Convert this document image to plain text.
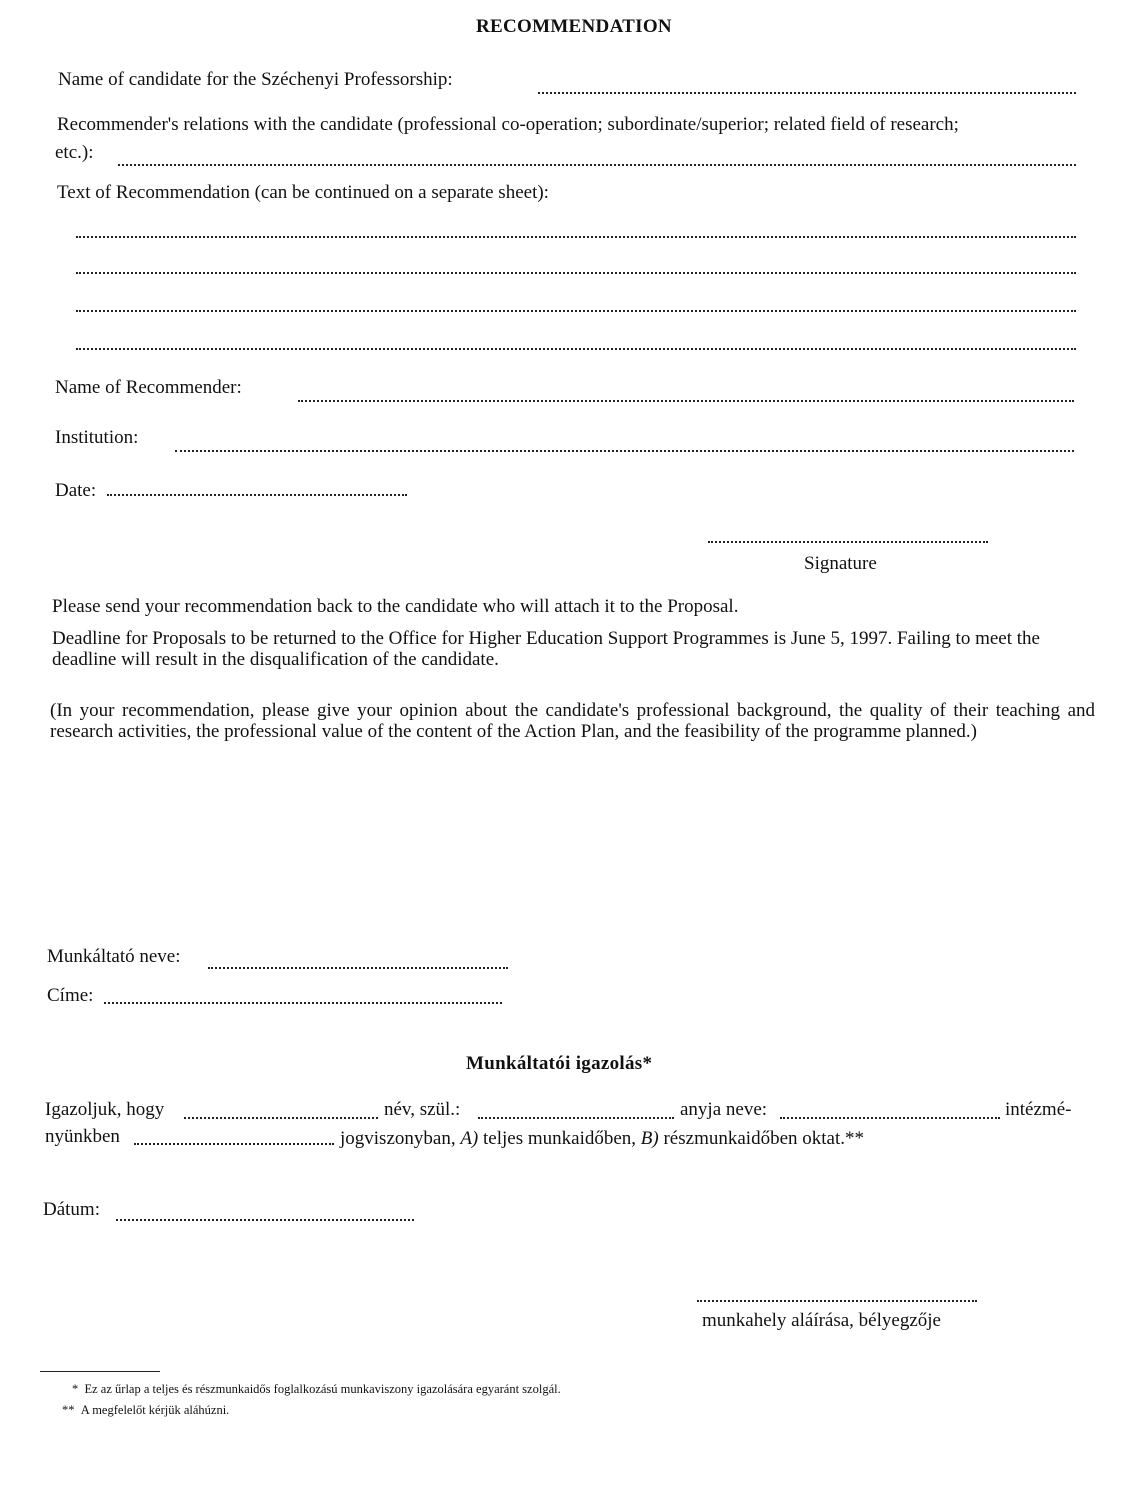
RECOMMENDATION
Name of candidate for the Széchenyi Professorship:
Recommender's relations with the candidate (professional co-operation; subordinate/superior; related field of research;
etc.):
Text of Recommendation (can be continued on a separate sheet):
Name of Recommender:
Institution:
Date:
Signature
Please send your recommendation back to the candidate who will attach it to the Proposal.
Deadline for Proposals to be returned to the Office for Higher Education Support Programmes is June 5, 1997. Failing to meet the deadline will result in the disqualification of the candidate.
(In your recommendation, please give your opinion about the candidate's professional background, the quality of their teaching and research activities, the professional value of the content of the Action Plan, and the feasibility of the programme planned.)
Munkáltató neve:
Címe:
Munkáltatói igazolás*
Igazoljuk, hogy	név, szül.:	anyja neve:	intézmé-
nyünkben	jogviszonyban, A) teljes munkaidőben, B) részmunkaidőben oktat.**
Dátum:
munkahely aláírása, bélyegzője
* Ez az űrlap a teljes és részmunkaidős foglalkozású munkaviszony igazolására egyaránt szolgál.
** A megfelelőt kérjük aláhúzni.
